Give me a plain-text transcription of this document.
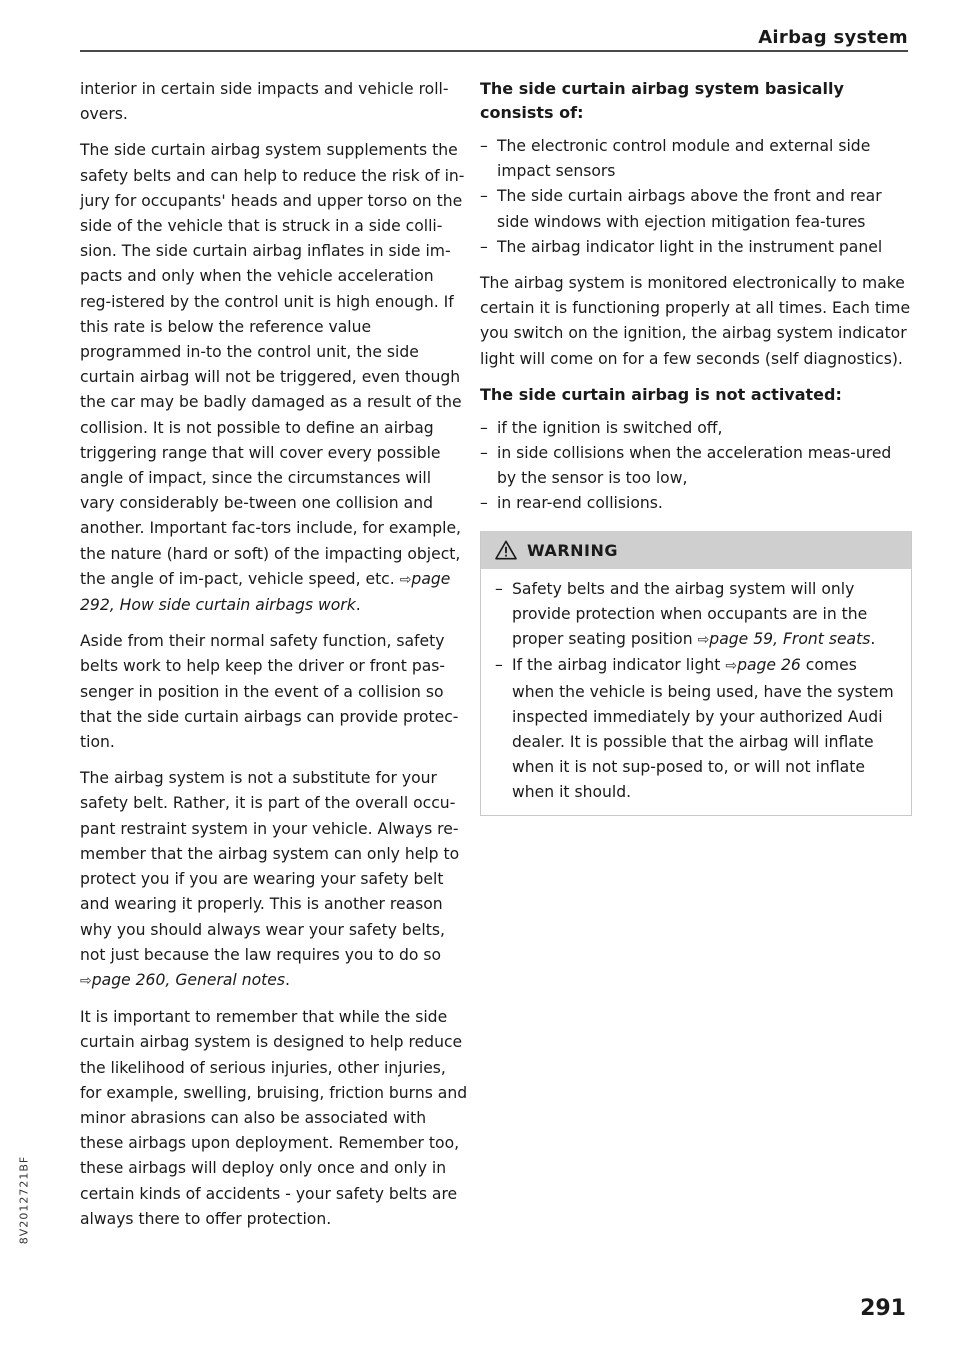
Airbag system

interior in certain side impacts and vehicle roll-overs.

The side curtain airbag system supplements the safety belts and can help to reduce the risk of in-jury for occupants' heads and upper torso on the side of the vehicle that is struck in a side colli-sion. The side curtain airbag inflates in side im-pacts and only when the vehicle acceleration reg-istered by the control unit is high enough. If this rate is below the reference value programmed in-to the control unit, the side curtain airbag will not be triggered, even though the car may be badly damaged as a result of the collision. It is not possible to define an airbag triggering range that will cover every possible angle of impact, since the circumstances will vary considerably be-tween one collision and another. Important fac-tors include, for example, the nature (hard or soft) of the impacting object, the angle of im-pact, vehicle speed, etc. ⇨page 292, How side curtain airbags work.

Aside from their normal safety function, safety belts work to help keep the driver or front pas-senger in position in the event of a collision so that the side curtain airbags can provide protec-tion.

The airbag system is not a substitute for your safety belt. Rather, it is part of the overall occu-pant restraint system in your vehicle. Always re-member that the airbag system can only help to protect you if you are wearing your safety belt and wearing it properly. This is another reason why you should always wear your safety belts, not just because the law requires you to do so
⇨page 260, General notes.

It is important to remember that while the side curtain airbag system is designed to help reduce the likelihood of serious injuries, other injuries, for example, swelling, bruising, friction burns and minor abrasions can also be associated with these airbags upon deployment. Remember too, these airbags will deploy only once and only in certain kinds of accidents - your safety belts are always there to offer protection.

The side curtain airbag system basically consists of:
– The electronic control module and external side impact sensors
– The side curtain airbags above the front and rear side windows with ejection mitigation fea-tures
– The airbag indicator light in the instrument panel

The airbag system is monitored electronically to make certain it is functioning properly at all times. Each time you switch on the ignition, the airbag system indicator light will come on for a few seconds (self diagnostics).

The side curtain airbag is not activated:
– if the ignition is switched off,
– in side collisions when the acceleration meas-ured by the sensor is too low,
– in rear-end collisions.
WARNING
– Safety belts and the airbag system will only provide protection when occupants are in the proper seating position ⇨page 59, Front seats.
– If the airbag indicator light ⇨page 26 comes when the vehicle is being used, have the system inspected immediately by your authorized Audi dealer. It is possible that the airbag will inflate when it is not sup-posed to, or will not inflate when it should.
8V2012721BF
291
